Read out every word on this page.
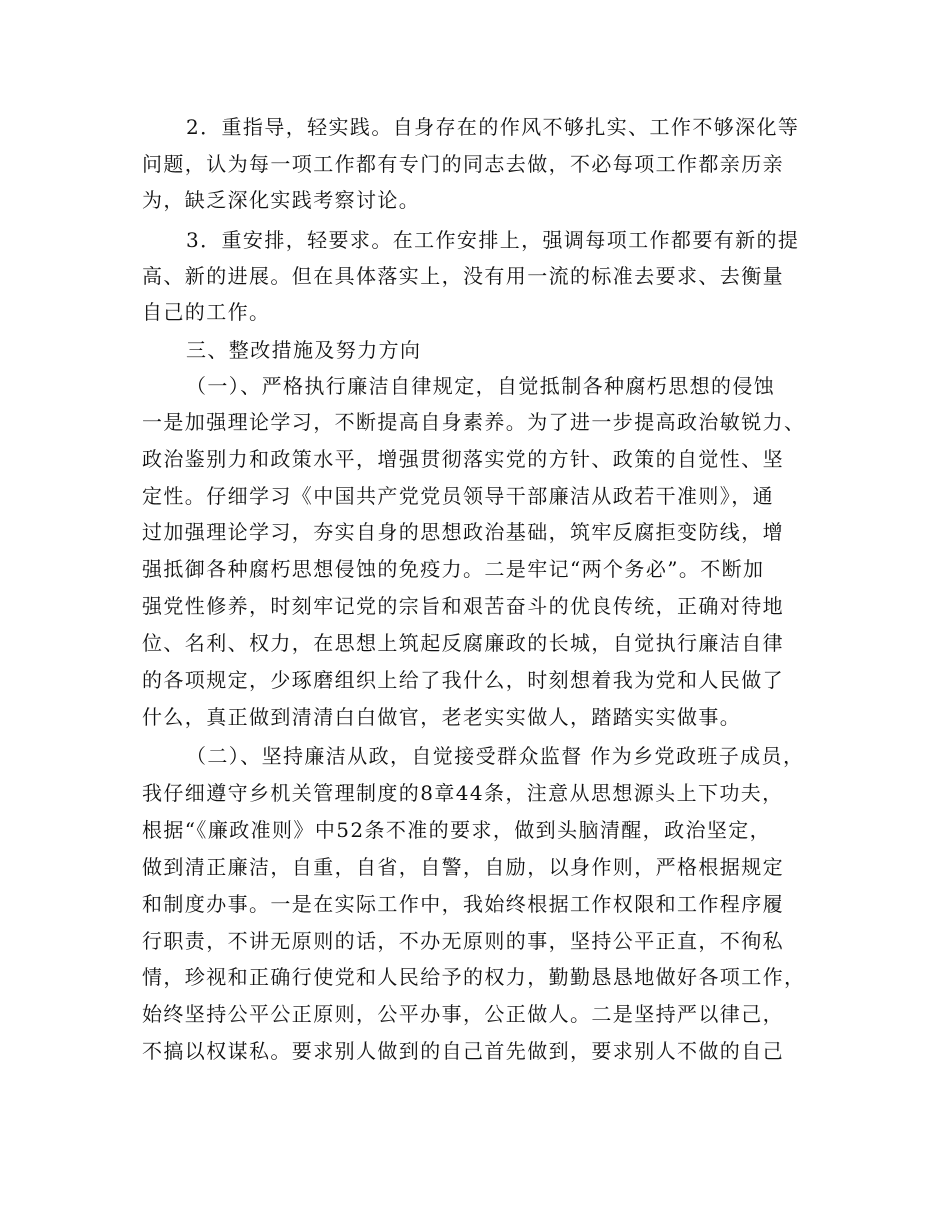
2．重指导，轻实践。自身存在的作风不够扎实、工作不够深化等
问题，认为每一项工作都有专门的同志去做，不必每项工作都亲历亲
为，缺乏深化实践考察讨论。
3．重安排，轻要求。在工作安排上，强调每项工作都要有新的提
高、新的进展。但在具体落实上，没有用一流的标准去要求、去衡量
自己的工作。
三、整改措施及努力方向
（一）、严格执行廉洁自律规定，自觉抵制各种腐朽思想的侵蚀
一是加强理论学习，不断提高自身素养。为了进一步提高政治敏锐力、
政治鉴别力和政策水平，增强贯彻落实党的方针、政策的自觉性、坚
定性。仔细学习《中国共产党党员领导干部廉洁从政若干准则》，通
过加强理论学习，夯实自身的思想政治基础，筑牢反腐拒变防线，增
强抵御各种腐朽思想侵蚀的免疫力。二是牢记“两个务必”。不断加
强党性修养，时刻牢记党的宗旨和艰苦奋斗的优良传统，正确对待地
位、名利、权力，在思想上筑起反腐廉政的长城，自觉执行廉洁自律
的各项规定，少琢磨组织上给了我什么，时刻想着我为党和人民做了
什么，真正做到清清白白做官，老老实实做人，踏踏实实做事。
（二）、坚持廉洁从政，自觉接受群众监督 作为乡党政班子成员，
我仔细遵守乡机关管理制度的8章44条，注意从思想源头上下功夫，
根据“《廉政准则》中52条不准的要求，做到头脑清醒，政治坚定，
做到清正廉洁，自重，自省，自警，自励，以身作则，严格根据规定
和制度办事。一是在实际工作中，我始终根据工作权限和工作程序履
行职责，不讲无原则的话，不办无原则的事，坚持公平正直，不徇私
情，珍视和正确行使党和人民给予的权力，勤勤恳恳地做好各项工作，
始终坚持公平公正原则，公平办事，公正做人。二是坚持严以律己，
不搞以权谋私。要求别人做到的自己首先做到，要求别人不做的自己
